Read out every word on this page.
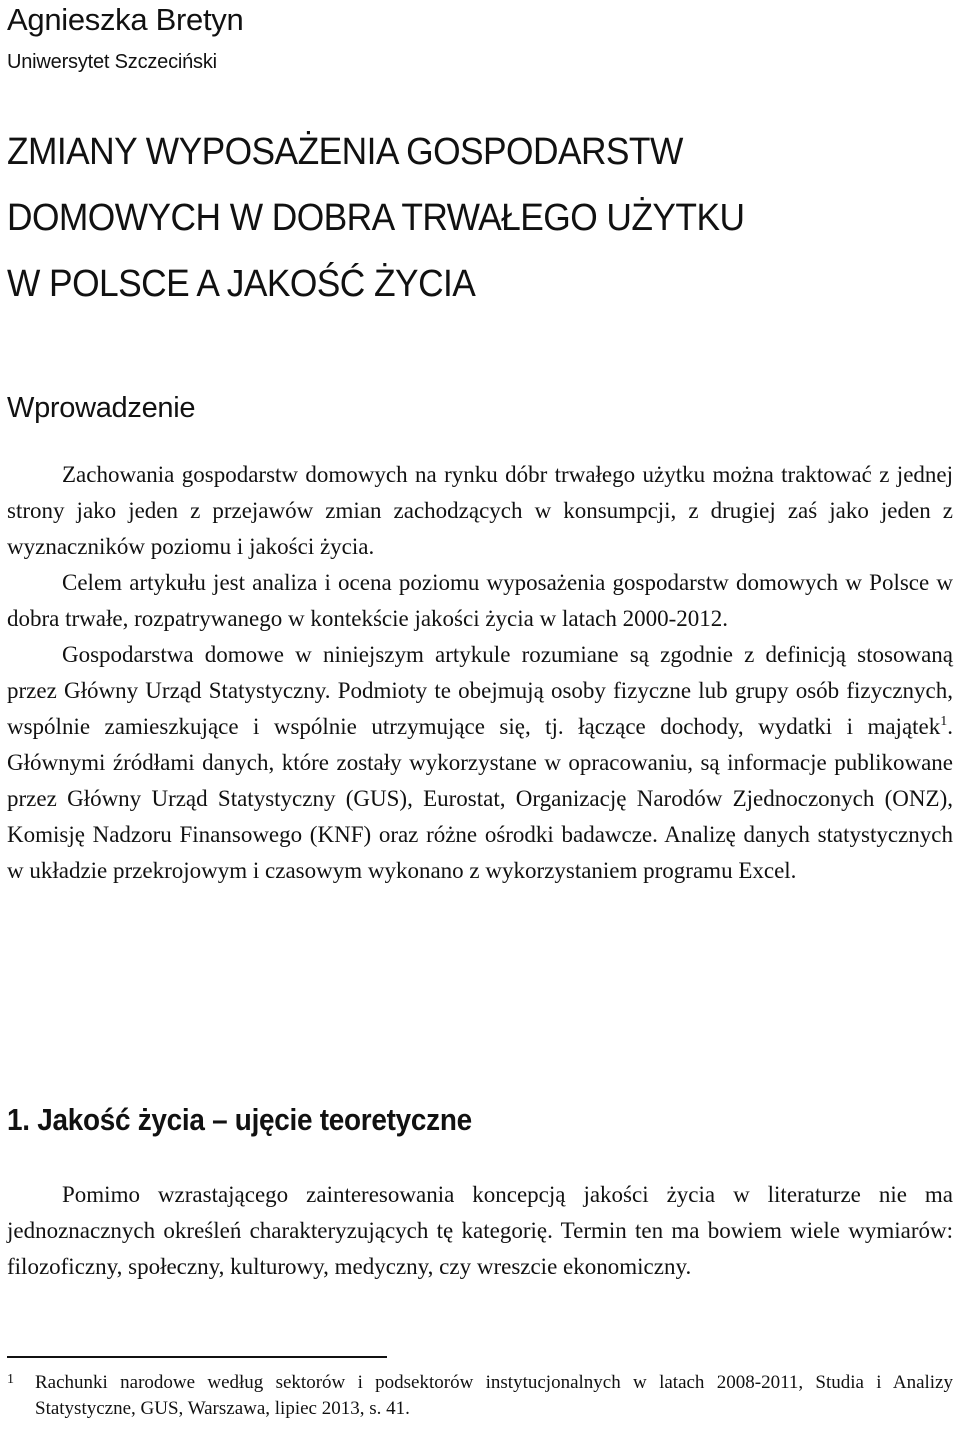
Agnieszka Bretyn
Uniwersytet Szczeciński
ZMIANY WYPOSAŻENIA GOSPODARSTW
DOMOWYCH W DOBRA TRWAŁEGO UŻYTKU
W POLSCE A JAKOŚĆ ŻYCIA
Wprowadzenie

Zachowania gospodarstw domowych na rynku dóbr trwałego użytku można traktować z jednej strony jako jeden z przejawów zmian zachodzących w konsumpcji, z drugiej zaś jako jeden z wyznaczników poziomu i jakości życia.

Celem artykułu jest analiza i ocena poziomu wyposażenia gospodarstw domowych w Polsce w dobra trwałe, rozpatrywanego w kontekście jakości życia w latach 2000-2012.

Gospodarstwa domowe w niniejszym artykule rozumiane są zgodnie z definicją stosowaną przez Główny Urząd Statystyczny. Podmioty te obejmują osoby fizyczne lub grupy osób fizycznych, wspólnie zamieszkujące i wspólnie utrzymujące się, tj. łączące dochody, wydatki i majątek$^1$. Głównymi źródłami danych, które zostały wykorzystane w opracowaniu, są informacje publikowane przez Główny Urząd Statystyczny (GUS), Eurostat, Organizację Narodów Zjednoczonych (ONZ), Komisję Nadzoru Finansowego (KNF) oraz różne ośrodki badawcze. Analizę danych statystycznych w układzie przekrojowym i czasowym wykonano z wykorzystaniem programu Excel.

1. Jakość życia – ujęcie teoretyczne

Pomimo wzrastającego zainteresowania koncepcją jakości życia w literaturze nie ma jednoznacznych określeń charakteryzujących tę kategorię. Termin ten ma bowiem wiele wymiarów: filozoficzny, społeczny, kulturowy, medyczny, czy wreszcie ekonomiczny.

1 Rachunki narodowe według sektorów i podsektorów instytucjonalnych w latach 2008-2011, Studia i Analizy Statystyczne, GUS, Warszawa, lipiec 2013, s. 41.
